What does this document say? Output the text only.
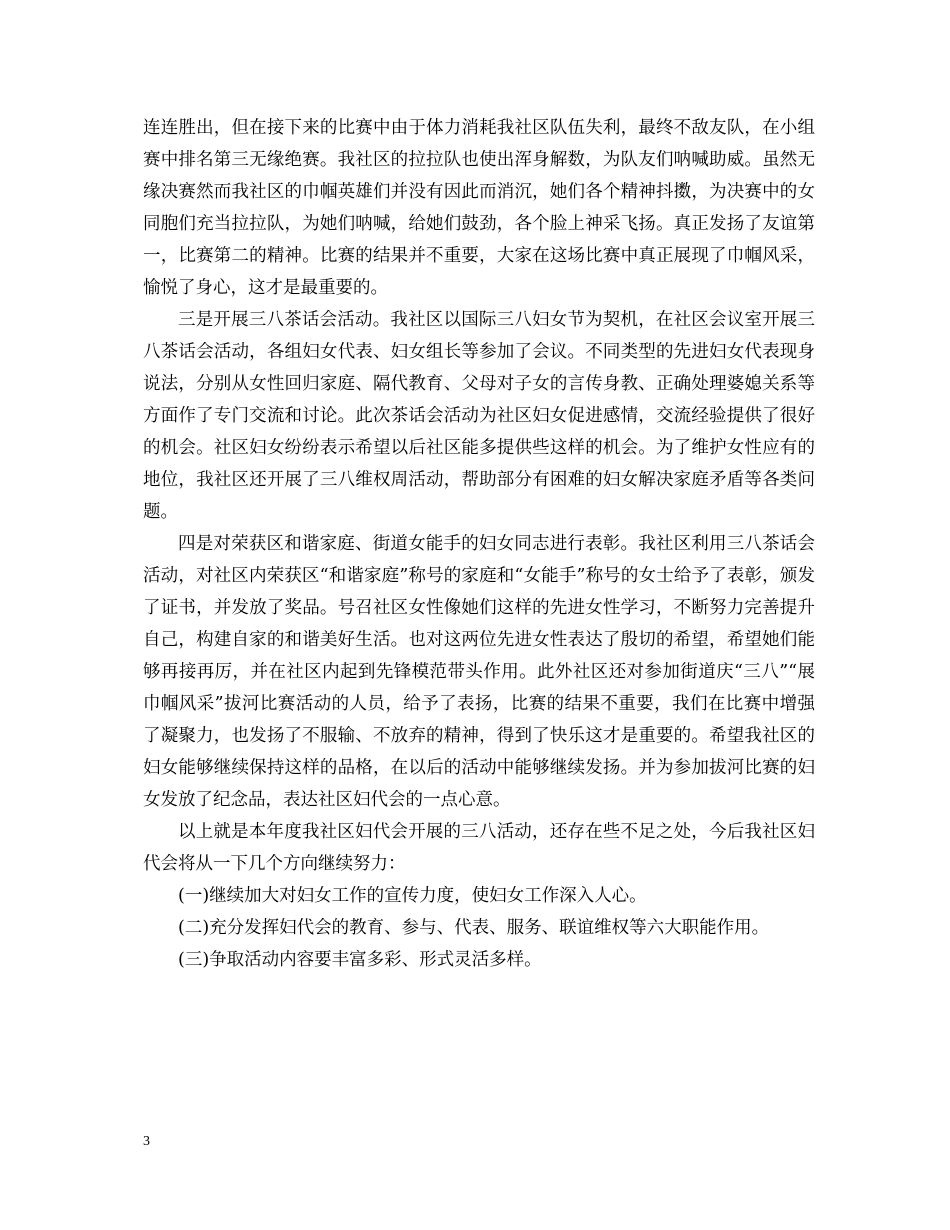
连连胜出，但在接下来的比赛中由于体力消耗我社区队伍失利，最终不敌友队，在小组赛中排名第三无缘绝赛。我社区的拉拉队也使出浑身解数，为队友们呐喊助威。虽然无缘决赛然而我社区的巾帼英雄们并没有因此而消沉，她们各个精神抖擞，为决赛中的女同胞们充当拉拉队，为她们呐喊，给她们鼓劲，各个脸上神采飞扬。真正发扬了友谊第一，比赛第二的精神。比赛的结果并不重要，大家在这场比赛中真正展现了巾帼风采，愉悦了身心，这才是最重要的。

三是开展三八茶话会活动。我社区以国际三八妇女节为契机，在社区会议室开展三八茶话会活动，各组妇女代表、妇女组长等参加了会议。不同类型的先进妇女代表现身说法，分别从女性回归家庭、隔代教育、父母对子女的言传身教、正确处理婆媳关系等方面作了专门交流和讨论。此次茶话会活动为社区妇女促进感情，交流经验提供了很好的机会。社区妇女纷纷表示希望以后社区能多提供些这样的机会。为了维护女性应有的地位，我社区还开展了三八维权周活动，帮助部分有困难的妇女解决家庭矛盾等各类问题。

四是对荣获区和谐家庭、街道女能手的妇女同志进行表彰。我社区利用三八茶话会活动，对社区内荣获区“和谐家庭”称号的家庭和“女能手”称号的女士给予了表彰，颁发了证书，并发放了奖品。号召社区女性像她们这样的先进女性学习，不断努力完善提升自己，构建自家的和谐美好生活。也对这两位先进女性表达了殷切的希望，希望她们能够再接再厉，并在社区内起到先锋模范带头作用。此外社区还对参加街道庆“三八”“展巾帼风采”拔河比赛活动的人员，给予了表扬，比赛的结果不重要，我们在比赛中增强了凝聚力，也发扬了不服输、不放弃的精神，得到了快乐这才是重要的。希望我社区的妇女能够继续保持这样的品格，在以后的活动中能够继续发扬。并为参加拔河比赛的妇女发放了纪念品，表达社区妇代会的一点心意。

以上就是本年度我社区妇代会开展的三八活动，还存在些不足之处，今后我社区妇代会将从一下几个方向继续努力：

(一)继续加大对妇女工作的宣传力度，使妇女工作深入人心。

(二)充分发挥妇代会的教育、参与、代表、服务、联谊维权等六大职能作用。

(三)争取活动内容要丰富多彩、形式灵活多样。

3
